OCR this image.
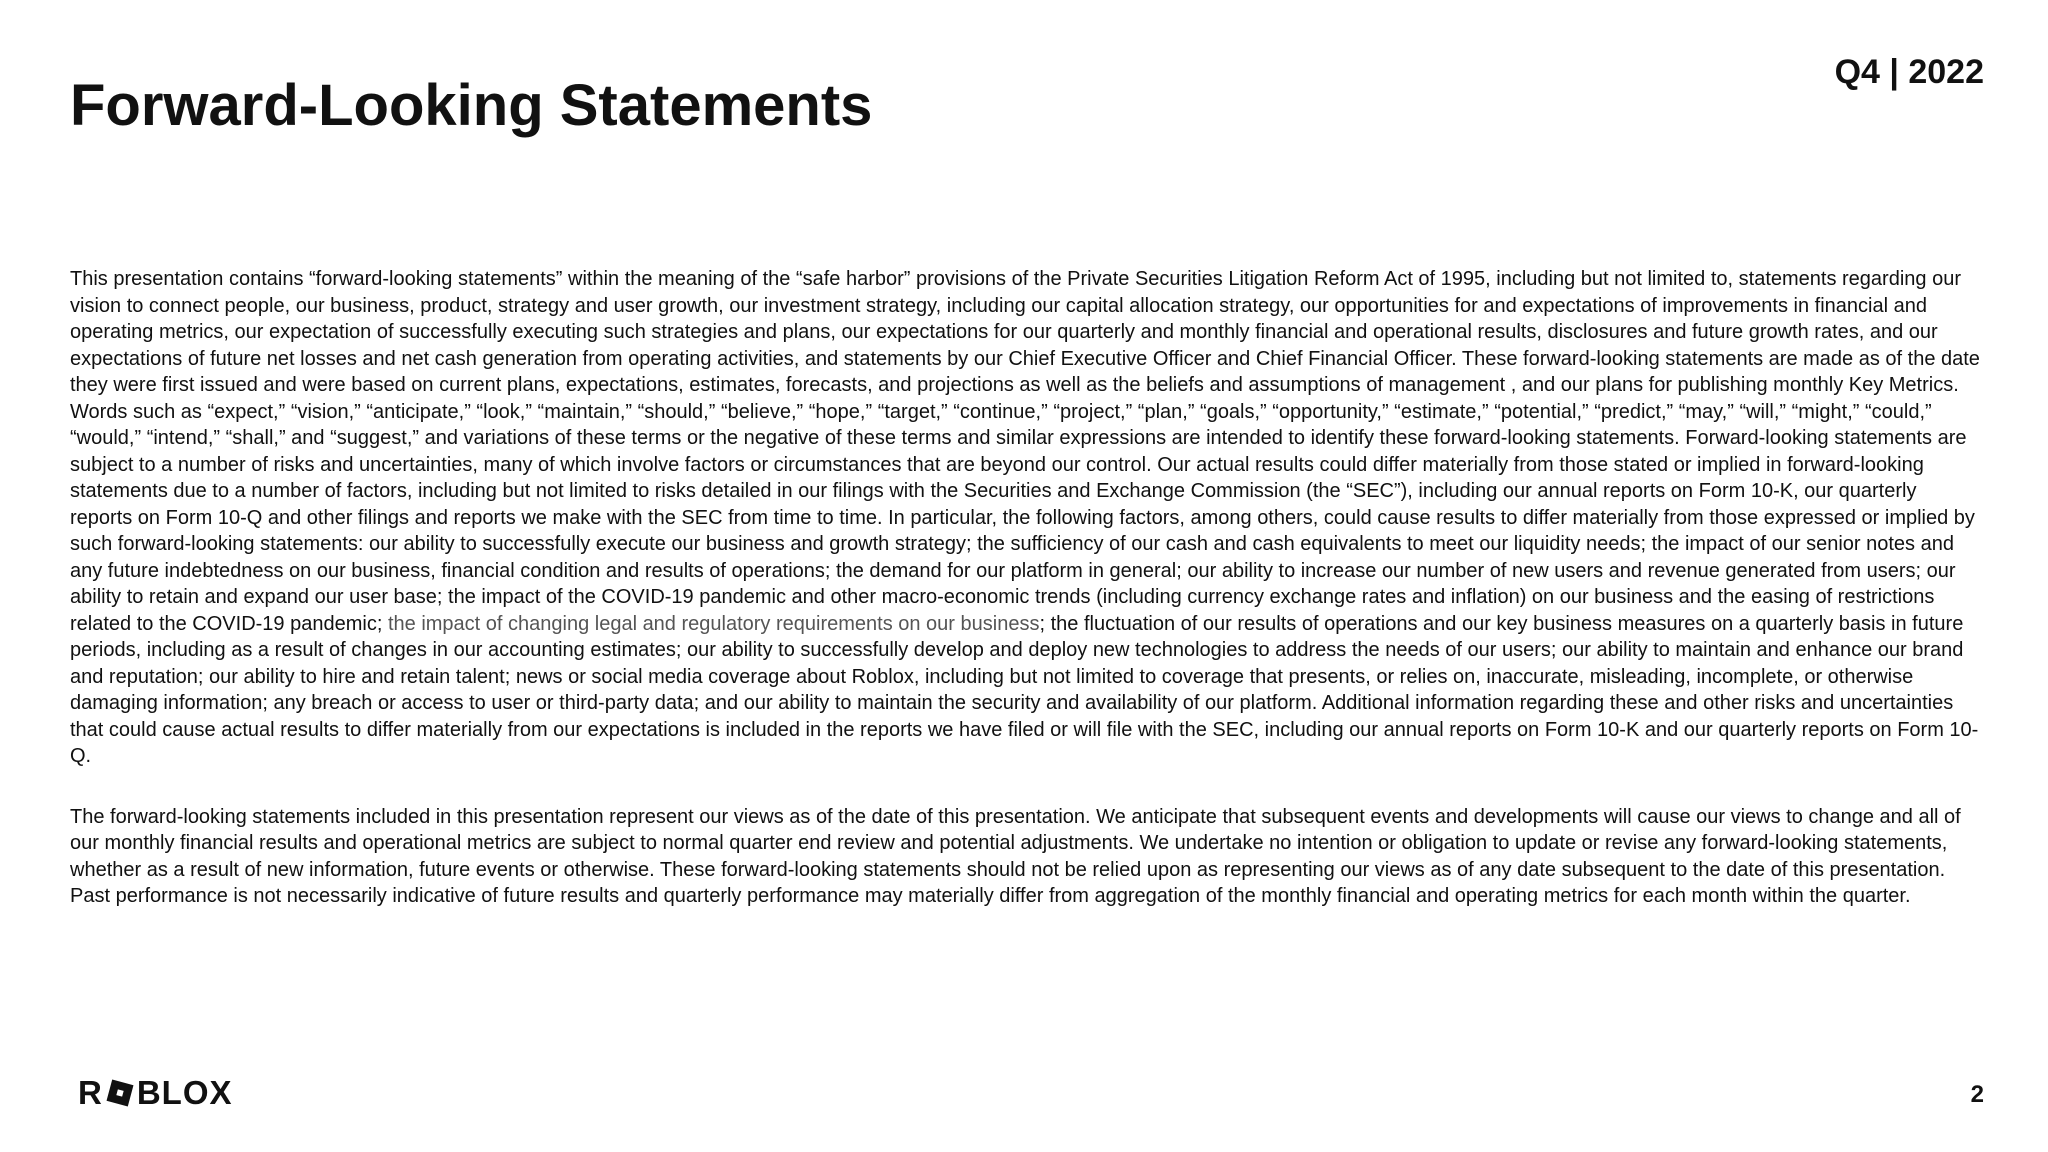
Forward-Looking Statements
Q4 | 2022

This presentation contains “forward-looking statements” within the meaning of the “safe harbor” provisions of the Private Securities Litigation Reform Act of 1995, including but not limited to, statements regarding our vision to connect people, our business, product, strategy and user growth, our investment strategy, including our capital allocation strategy, our opportunities for and expectations of improvements in financial and operating metrics, our expectation of successfully executing such strategies and plans, our expectations for our quarterly and monthly financial and operational results, disclosures and future growth rates, and our expectations of future net losses and net cash generation from operating activities, and statements by our Chief Executive Officer and Chief Financial Officer. These forward-looking statements are made as of the date they were first issued and were based on current plans, expectations, estimates, forecasts, and projections as well as the beliefs and assumptions of management , and our plans for publishing monthly Key Metrics. Words such as “expect,” “vision,” “anticipate,” “look,” “maintain,” “should,” “believe,” “hope,” “target,” “continue,” “project,” “plan,” “goals,” “opportunity,” “estimate,” “potential,” “predict,” “may,” “will,” “might,” “could,” “would,” “intend,” “shall,” and “suggest,” and variations of these terms or the negative of these terms and similar expressions are intended to identify these forward-looking statements. Forward-looking statements are subject to a number of risks and uncertainties, many of which involve factors or circumstances that are beyond our control. Our actual results could differ materially from those stated or implied in forward-looking statements due to a number of factors, including but not limited to risks detailed in our filings with the Securities and Exchange Commission (the “SEC”), including our annual reports on Form 10-K, our quarterly reports on Form 10-Q and other filings and reports we make with the SEC from time to time. In particular, the following factors, among others, could cause results to differ materially from those expressed or implied by such forward-looking statements: our ability to successfully execute our business and growth strategy; the sufficiency of our cash and cash equivalents to meet our liquidity needs; the impact of our senior notes and any future indebtedness on our business, financial condition and results of operations; the demand for our platform in general; our ability to increase our number of new users and revenue generated from users; our ability to retain and expand our user base; the impact of the COVID-19 pandemic and other macro-economic trends (including currency exchange rates and inflation) on our business and the easing of restrictions related to the COVID-19 pandemic; the impact of changing legal and regulatory requirements on our business; the fluctuation of our results of operations and our key business measures on a quarterly basis in future periods, including as a result of changes in our accounting estimates; our ability to successfully develop and deploy new technologies to address the needs of our users; our ability to maintain and enhance our brand and reputation; our ability to hire and retain talent; news or social media coverage about Roblox, including but not limited to coverage that presents, or relies on, inaccurate, misleading, incomplete, or otherwise damaging information; any breach or access to user or third-party data; and our ability to maintain the security and availability of our platform. Additional information regarding these and other risks and uncertainties that could cause actual results to differ materially from our expectations is included in the reports we have filed or will file with the SEC, including our annual reports on Form 10-K and our quarterly reports on Form 10-Q.

The forward-looking statements included in this presentation represent our views as of the date of this presentation. We anticipate that subsequent events and developments will cause our views to change and all of our monthly financial results and operational metrics are subject to normal quarter end review and potential adjustments. We undertake no intention or obligation to update or revise any forward-looking statements, whether as a result of new information, future events or otherwise. These forward-looking statements should not be relied upon as representing our views as of any date subsequent to the date of this presentation. Past performance is not necessarily indicative of future results and quarterly performance may materially differ from aggregation of the monthly financial and operating metrics for each month within the quarter.

R BLOX	2
